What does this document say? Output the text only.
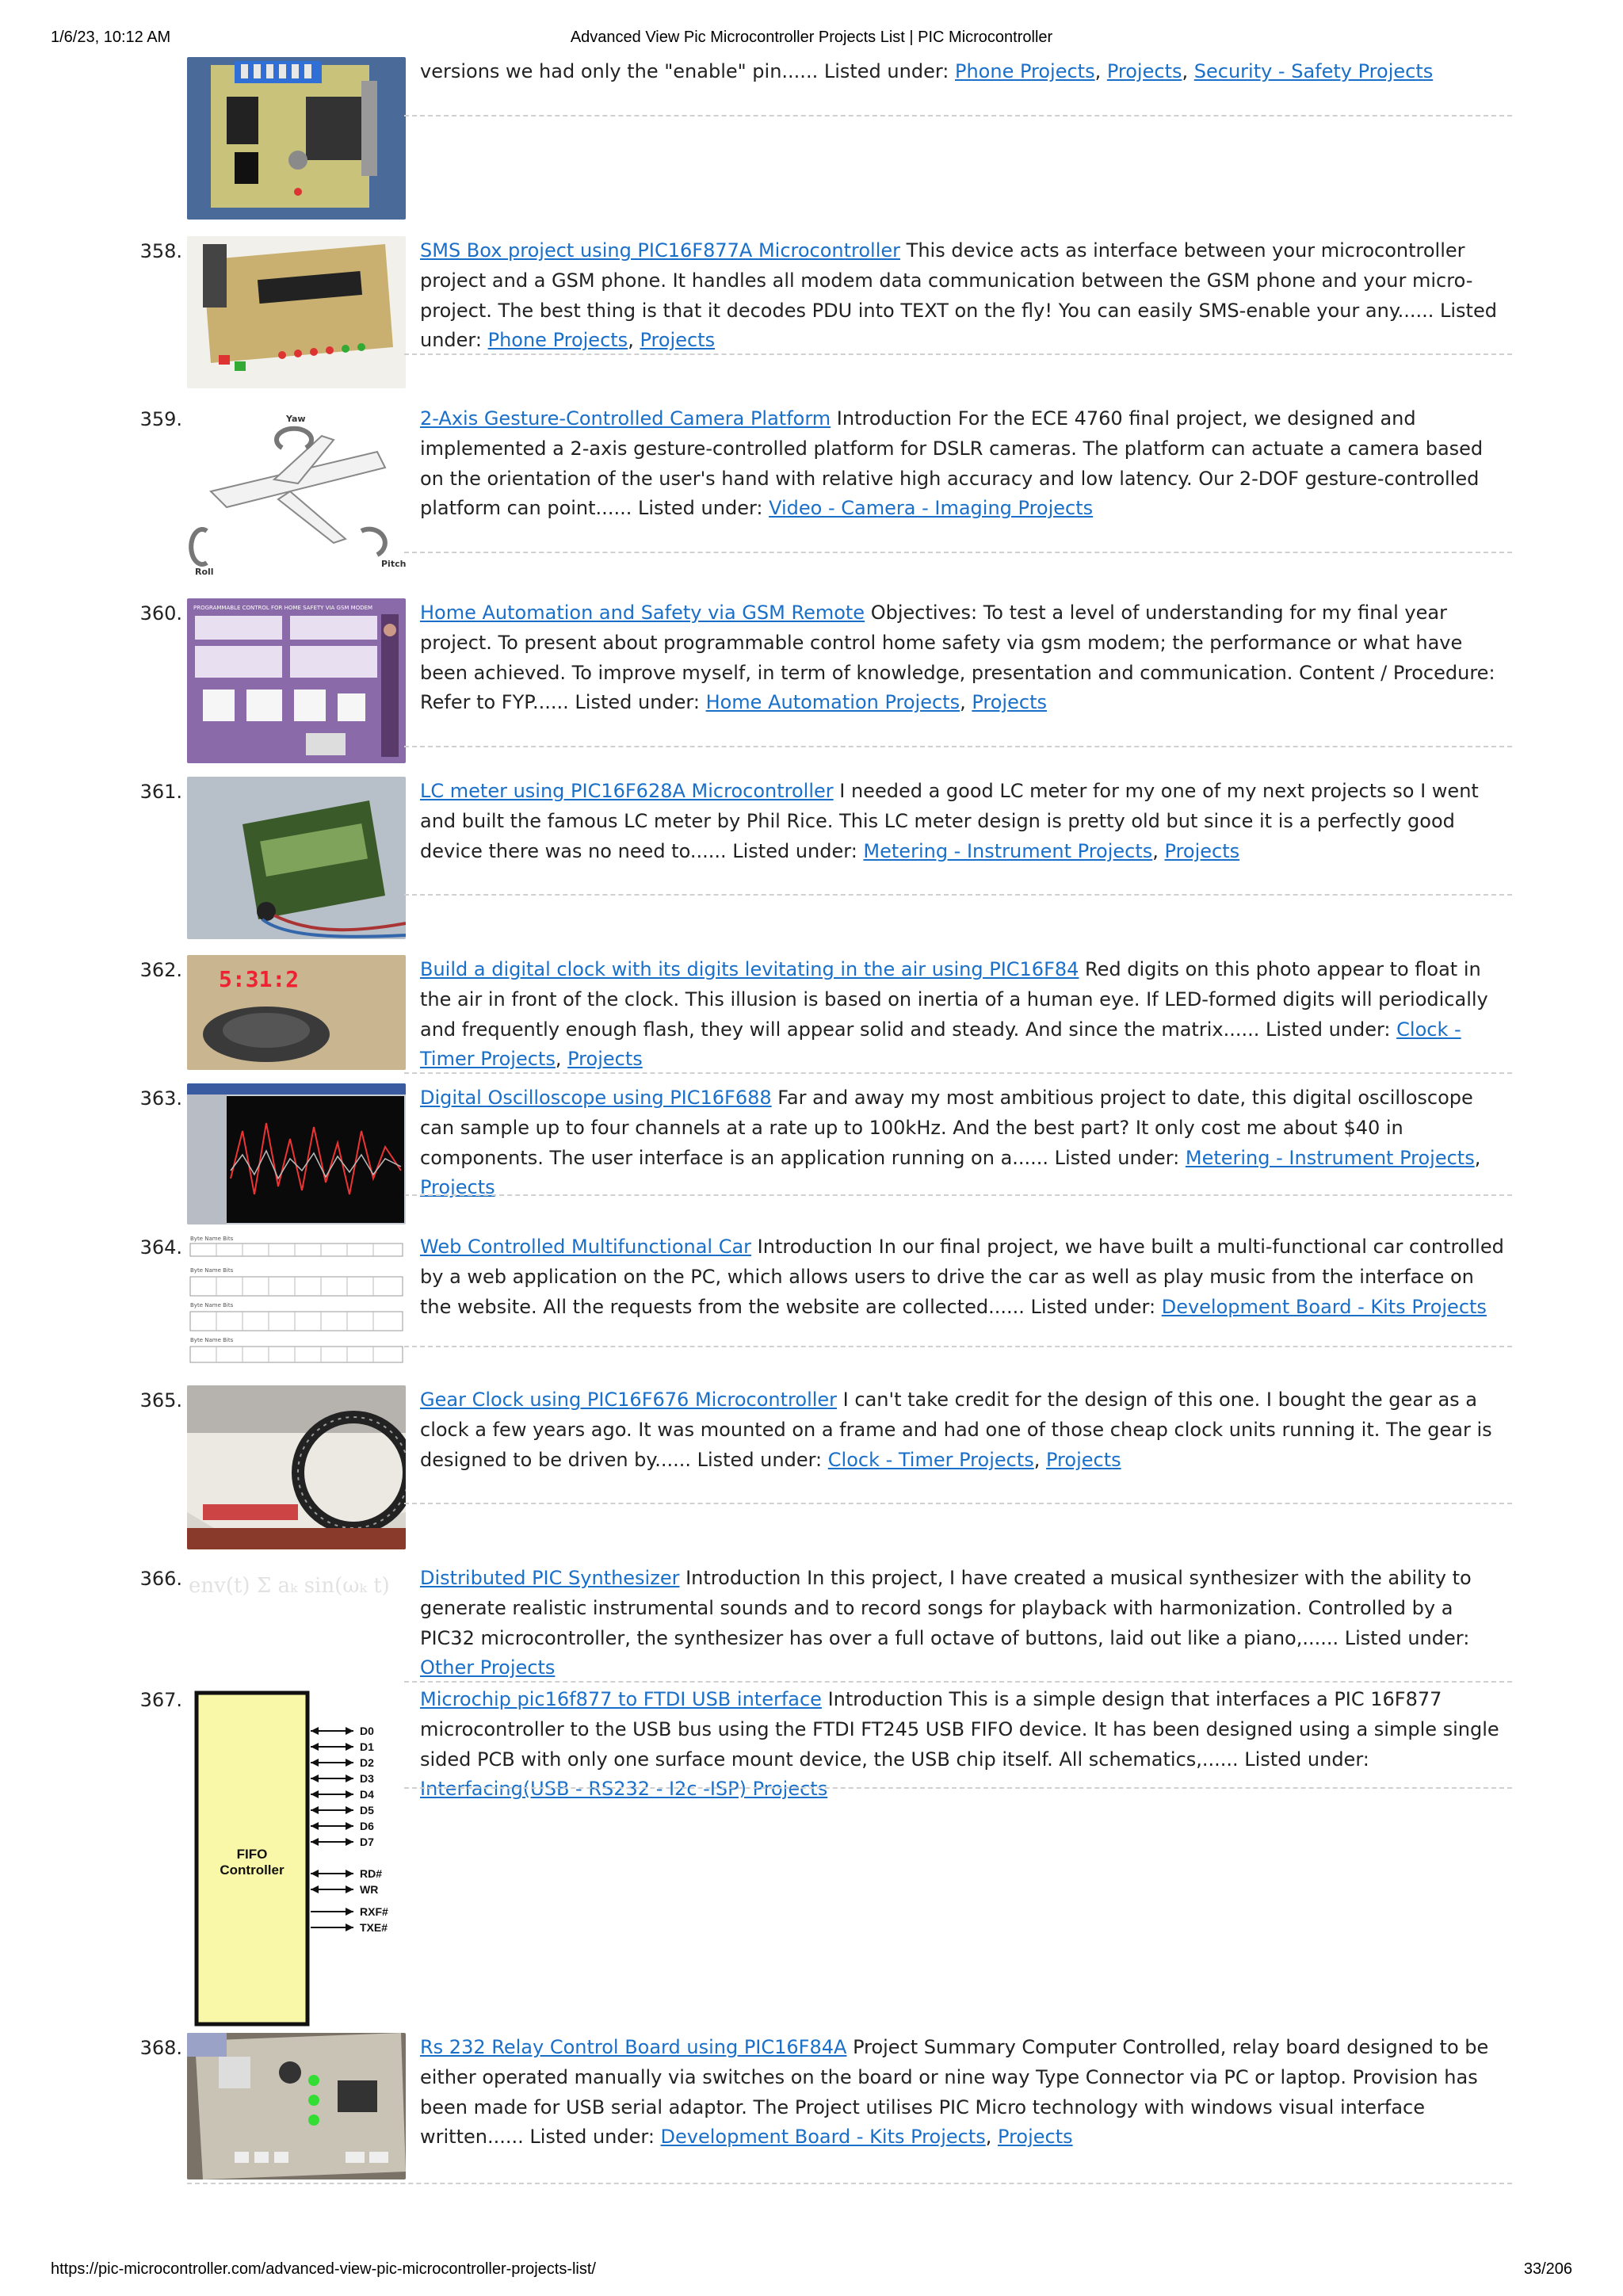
1/6/23, 10:12 AM	Advanced View Pic Microcontroller Projects List | PIC Microcontroller
versions we had only the "enable" pin...... Listed under: Phone Projects, Projects, Security - Safety Projects
358.	SMS Box project using PIC16F877A Microcontroller This device acts as interface between your microcontroller project and a GSM phone. It handles all modem data communication between the GSM phone and your micro-project. The best thing is that it decodes PDU into TEXT on the fly! You can easily SMS-enable your any...... Listed under: Phone Projects, Projects
359.	Yaw
Roll
Pitch
2-Axis Gesture-Controlled Camera Platform Introduction For the ECE 4760 final project, we designed and implemented a 2-axis gesture-controlled platform for DSLR cameras. The platform can actuate a camera based on the orientation of the user's hand with relative high accuracy and low latency. Our 2-DOF gesture-controlled platform can point...... Listed under: Video - Camera - Imaging Projects
360. PROGRAMMABLE CONTROL FOR HOME SAFETY VIA GSM MODEM Home Automation and Safety via GSM Remote Objectives: To test a level of understanding for my final year project. To present about programmable control home safety via gsm modem; the performance or what have been achieved. To improve myself, in term of knowledge, presentation and communication. Content / Procedure: Refer to FYP...... Listed under: Home Automation Projects, Projects
361.	LC meter using PIC16F628A Microcontroller I needed a good LC meter for my one of my next projects so I went and built the famous LC meter by Phil Rice. This LC meter design is pretty old but since it is a perfectly good device there was no need to...... Listed under: Metering - Instrument Projects, Projects
362. 5:31:2	Build a digital clock with its digits levitating in the air using PIC16F84 Red digits on this photo appear to float in the air in front of the clock. This illusion is based on inertia of a human eye. If LED-formed digits will periodically and frequently enough flash, they will appear solid and steady. And since the matrix...... Listed under: Clock - Timer Projects, Projects
363.	Digital Oscilloscope using PIC16F688 Far and away my most ambitious project to date, this digital oscilloscope can sample up to four channels at a rate up to 100kHz. And the best part? It only cost me about $40 in components. The user interface is an application running on a...... Listed under: Metering - Instrument Projects, Projects
364. Byte Name Bits
Byte Name Bits
Byte Name Bits
Byte Name Bits
Web Controlled Multifunctional Car Introduction In our final project, we have built a multi-functional car controlled by a web application on the PC, which allows users to drive the car as well as play music from the interface on the website. All the requests from the website are collected...... Listed under: Development Board - Kits Projects
365.	Gear Clock using PIC16F676 Microcontroller I can't take credit for the design of this one. I bought the gear as a clock a few years ago. It was mounted on a frame and had one of those cheap clock units running it. The gear is designed to be driven by...... Listed under: Clock - Timer Projects, Projects
366. env(t) Σ aₖ sin(ωₖ t) Distributed PIC Synthesizer Introduction In this project, I have created a musical synthesizer with the ability to generate realistic instrumental sounds and to record songs for playback with harmonization. Controlled by a PIC32 microcontroller, the synthesizer has over a full octave of buttons, laid out like a piano,...... Listed under: Other Projects
367.
FIFO
Controller
D0
D1
D2
D3
D4
D5
D6
D7
RD#
WR
RXF#
TXE#
Microchip pic16f877 to FTDI USB interface Introduction This is a simple design that interfaces a PIC 16F877 microcontroller to the USB bus using the FTDI FT245 USB FIFO device. It has been designed using a simple single sided PCB with only one surface mount device, the USB chip itself. All schematics,...... Listed under: Interfacing(USB - RS232 - I2c -ISP) Projects
368.	Rs 232 Relay Control Board using PIC16F84A Project Summary Computer Controlled, relay board designed to be either operated manually via switches on the board or nine way Type Connector via PC or laptop. Provision has been made for USB serial adaptor. The Project utilises PIC Micro technology with windows visual interface written...... Listed under: Development Board - Kits Projects, Projects
https://pic-microcontroller.com/advanced-view-pic-microcontroller-projects-list/	33/206
